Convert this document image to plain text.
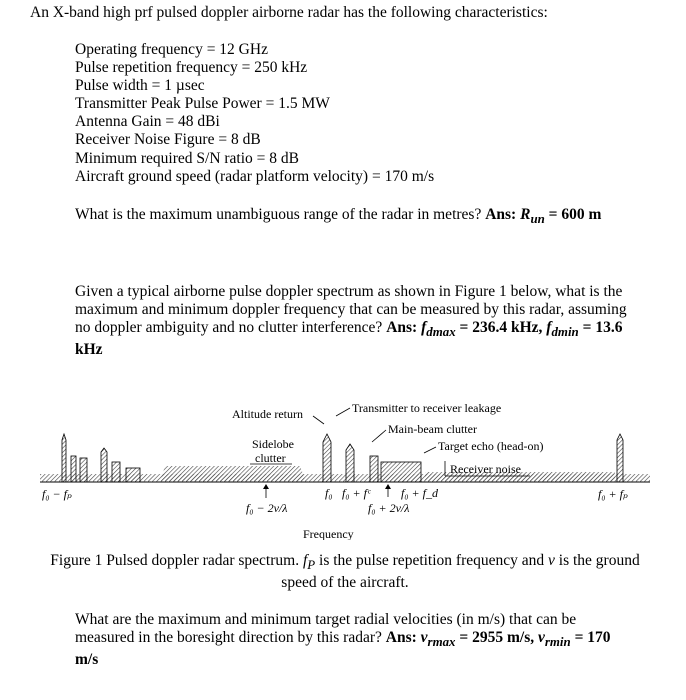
An X-band high prf pulsed doppler airborne radar has the following characteristics:
Operating frequency = 12 GHz
Pulse repetition frequency = 250 kHz
Pulse width = 1 µsec
Transmitter Peak Pulse Power = 1.5 MW
Antenna Gain = 48 dBi
Receiver Noise Figure = 8 dB
Minimum required S/N ratio = 8 dB
Aircraft ground speed (radar platform velocity) = 170 m/s
What is the maximum unambiguous range of the radar in metres? Ans: $R_{un} = 600$ m
Given a typical airborne pulse doppler spectrum as shown in Figure 1 below, what is the maximum and minimum doppler frequency that can be measured by this radar, assuming no doppler ambiguity and no clutter interference? Ans: $f_{dmax} = 236.4$ kHz, $f_{dmin} = 13.6$ kHz
Altitude return	Transmitter to receiver leakage
Main-beam clutter
Target echo (head-on)
Receiver noise
Sidelobe
clutter
f₀ − fₚ	f₀ + fₚ
f₀ − 2v/λ
f₀ f₀ + fᶜ	f₀ + f_d
f₀ + 2v/λ
Frequency
Figure 1 Pulsed doppler radar spectrum. $f_P$ is the pulse repetition frequency and v is the ground speed of the aircraft.
What are the maximum and minimum target radial velocities (in m/s) that can be measured in the boresight direction by this radar? Ans: $v_{rmax} = 2955$ m/s, $v_{rmin} = 170$ m/s
